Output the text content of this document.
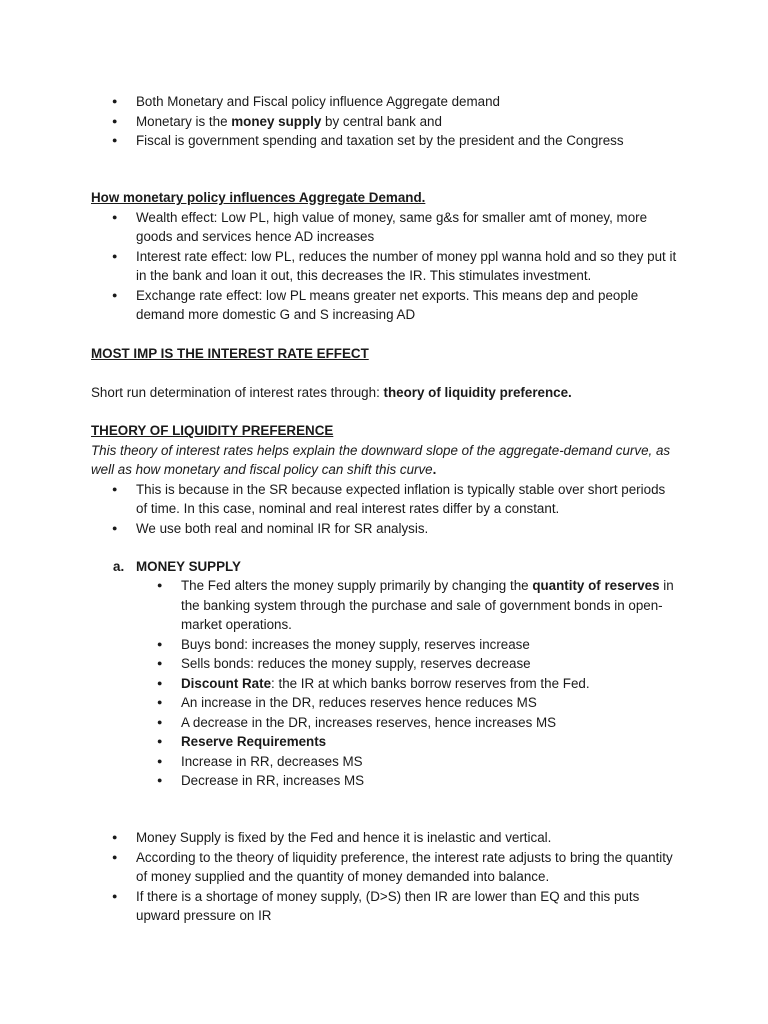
● Both Monetary and Fiscal policy influence Aggregate demand
● Monetary is the money supply by central bank and
● Fiscal is government spending and taxation set by the president and the Congress
How monetary policy influences Aggregate Demand.
● Wealth effect: Low PL, high value of money, same g&s for smaller amt of money, more goods and services hence AD increases
● Interest rate effect: low PL, reduces the number of money ppl wanna hold and so they put it in the bank and loan it out, this decreases the IR. This stimulates investment.
● Exchange rate effect: low PL means greater net exports. This means dep and people demand more domestic G and S increasing AD
MOST IMP IS THE INTEREST RATE EFFECT
Short run determination of interest rates through: theory of liquidity preference.
THEORY OF LIQUIDITY PREFERENCE
This theory of interest rates helps explain the downward slope of the aggregate-demand curve, as well as how monetary and fiscal policy can shift this curve.
● This is because in the SR because expected inflation is typically stable over short periods of time. In this case, nominal and real interest rates differ by a constant.
● We use both real and nominal IR for SR analysis.
a. MONEY SUPPLY
● The Fed alters the money supply primarily by changing the quantity of reserves in the banking system through the purchase and sale of government bonds in open-market operations.
● Buys bond: increases the money supply, reserves increase
● Sells bonds: reduces the money supply, reserves decrease
● Discount Rate: the IR at which banks borrow reserves from the Fed.
● An increase in the DR, reduces reserves hence reduces MS
● A decrease in the DR, increases reserves, hence increases MS
● Reserve Requirements
● Increase in RR, decreases MS
● Decrease in RR, increases MS
● Money Supply is fixed by the Fed and hence it is inelastic and vertical.
● According to the theory of liquidity preference, the interest rate adjusts to bring the quantity of money supplied and the quantity of money demanded into balance.
● If there is a shortage of money supply, (D>S) then IR are lower than EQ and this puts upward pressure on IR
